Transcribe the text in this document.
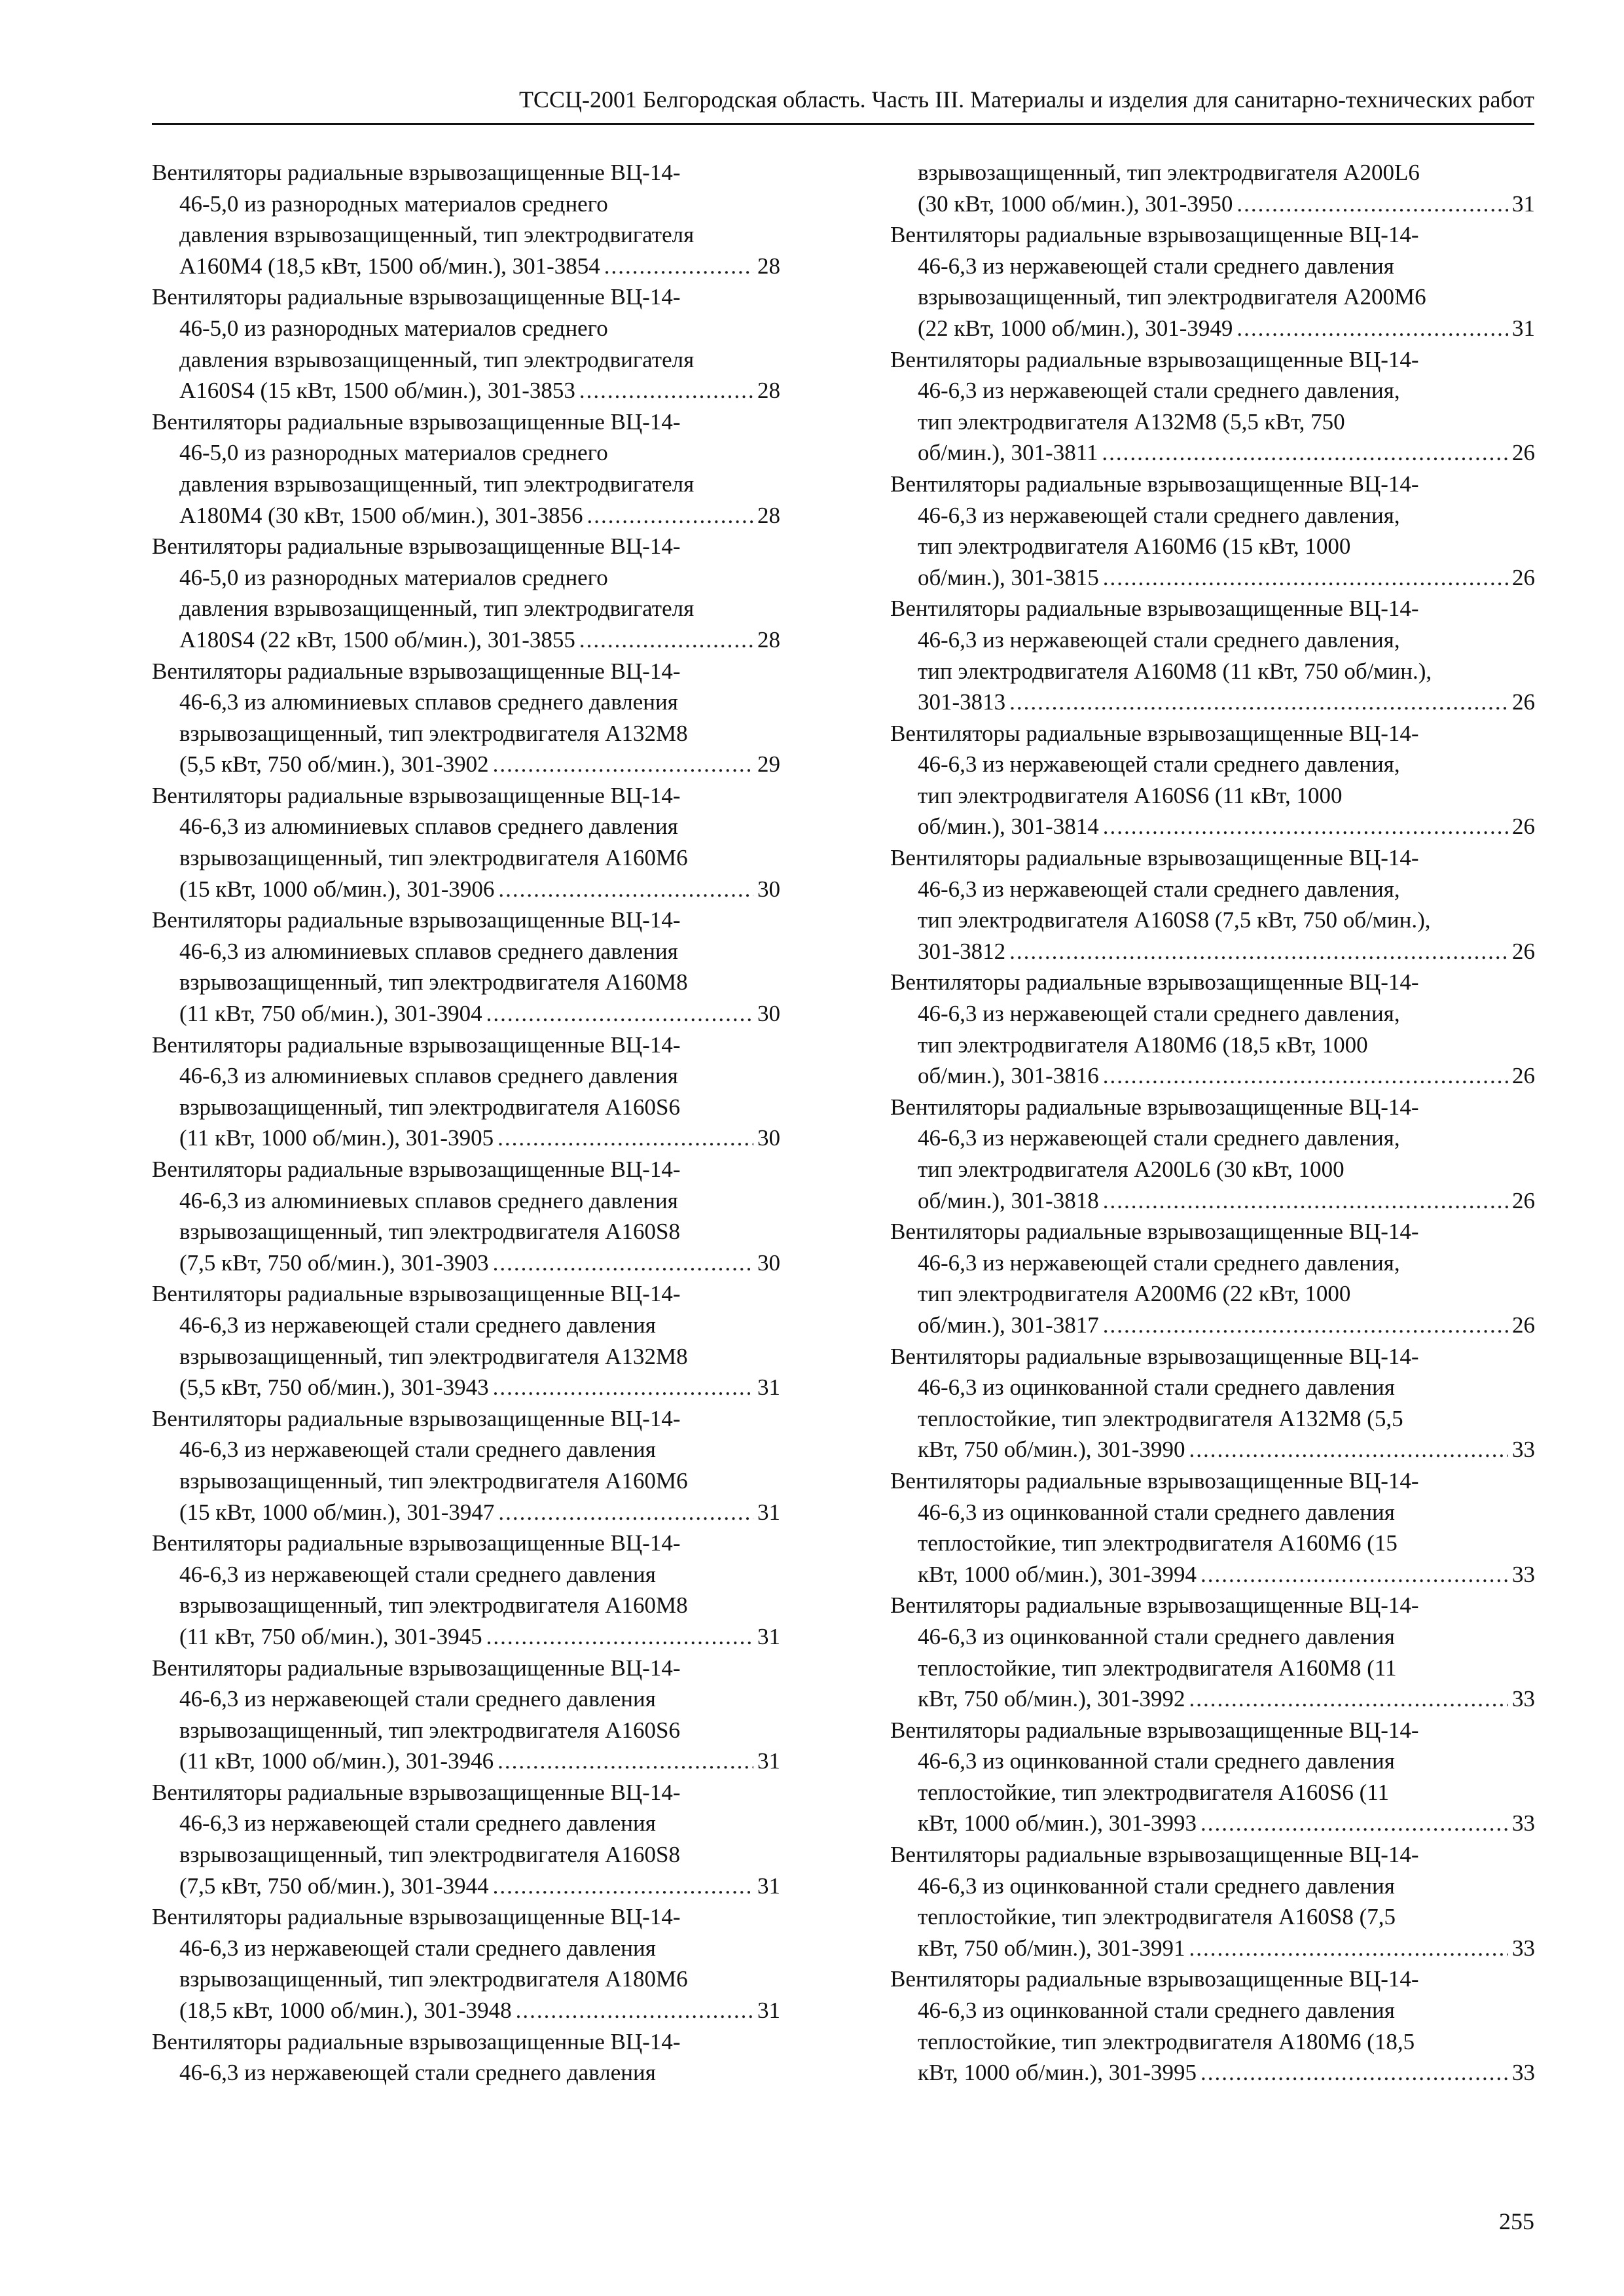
ТССЦ-2001 Белгородская область. Часть III. Материалы и изделия для санитарно-технических работ
Вентиляторы радиальные взрывозащищенные ВЦ-14-
46-5,0 из разнородных материалов среднего
давления взрывозащищенный, тип электродвигателя
А160М4 (18,5 кВт, 1500 об/мин.), 301-3854 .....	28
Вентиляторы радиальные взрывозащищенные ВЦ-14-
46-5,0 из разнородных материалов среднего
давления взрывозащищенный, тип электродвигателя
А160S4 (15 кВт, 1500 об/мин.), 301-3853 .....	28
Вентиляторы радиальные взрывозащищенные ВЦ-14-
46-5,0 из разнородных материалов среднего
давления взрывозащищенный, тип электродвигателя
А180М4 (30 кВт, 1500 об/мин.), 301-3856 .....	28
Вентиляторы радиальные взрывозащищенные ВЦ-14-
46-5,0 из разнородных материалов среднего
давления взрывозащищенный, тип электродвигателя
А180S4 (22 кВт, 1500 об/мин.), 301-3855 .....	28
Вентиляторы радиальные взрывозащищенные ВЦ-14-
46-6,3 из алюминиевых сплавов среднего давления
взрывозащищенный, тип электродвигателя А132М8
(5,5 кВт, 750 об/мин.), 301-3902 .....	29
Вентиляторы радиальные взрывозащищенные ВЦ-14-
46-6,3 из алюминиевых сплавов среднего давления
взрывозащищенный, тип электродвигателя А160М6
(15 кВт, 1000 об/мин.), 301-3906 .....	30
Вентиляторы радиальные взрывозащищенные ВЦ-14-
46-6,3 из алюминиевых сплавов среднего давления
взрывозащищенный, тип электродвигателя А160М8
(11 кВт, 750 об/мин.), 301-3904 .....	30
Вентиляторы радиальные взрывозащищенные ВЦ-14-
46-6,3 из алюминиевых сплавов среднего давления
взрывозащищенный, тип электродвигателя А160S6
(11 кВт, 1000 об/мин.), 301-3905 .....	30
Вентиляторы радиальные взрывозащищенные ВЦ-14-
46-6,3 из алюминиевых сплавов среднего давления
взрывозащищенный, тип электродвигателя А160S8
(7,5 кВт, 750 об/мин.), 301-3903 .....	30
Вентиляторы радиальные взрывозащищенные ВЦ-14-
46-6,3 из нержавеющей стали среднего давления
взрывозащищенный, тип электродвигателя А132М8
(5,5 кВт, 750 об/мин.), 301-3943 .....	31
Вентиляторы радиальные взрывозащищенные ВЦ-14-
46-6,3 из нержавеющей стали среднего давления
взрывозащищенный, тип электродвигателя А160М6
(15 кВт, 1000 об/мин.), 301-3947 .....	31
Вентиляторы радиальные взрывозащищенные ВЦ-14-
46-6,3 из нержавеющей стали среднего давления
взрывозащищенный, тип электродвигателя А160М8
(11 кВт, 750 об/мин.), 301-3945 .....	31
Вентиляторы радиальные взрывозащищенные ВЦ-14-
46-6,3 из нержавеющей стали среднего давления
взрывозащищенный, тип электродвигателя А160S6
(11 кВт, 1000 об/мин.), 301-3946 .....	31
Вентиляторы радиальные взрывозащищенные ВЦ-14-
46-6,3 из нержавеющей стали среднего давления
взрывозащищенный, тип электродвигателя А160S8
(7,5 кВт, 750 об/мин.), 301-3944 .....	31
Вентиляторы радиальные взрывозащищенные ВЦ-14-
46-6,3 из нержавеющей стали среднего давления
взрывозащищенный, тип электродвигателя А180М6
(18,5 кВт, 1000 об/мин.), 301-3948 .....	31
Вентиляторы радиальные взрывозащищенные ВЦ-14-
46-6,3 из нержавеющей стали среднего давления
взрывозащищенный, тип электродвигателя А200L6
(30 кВт, 1000 об/мин.), 301-3950 .....	31
Вентиляторы радиальные взрывозащищенные ВЦ-14-
46-6,3 из нержавеющей стали среднего давления
взрывозащищенный, тип электродвигателя А200М6
(22 кВт, 1000 об/мин.), 301-3949 .....	31
Вентиляторы радиальные взрывозащищенные ВЦ-14-
46-6,3 из нержавеющей стали среднего давления,
тип электродвигателя А132М8 (5,5 кВт, 750
об/мин.), 301-3811 .....	26
Вентиляторы радиальные взрывозащищенные ВЦ-14-
46-6,3 из нержавеющей стали среднего давления,
тип электродвигателя А160М6 (15 кВт, 1000
об/мин.), 301-3815 .....	26
Вентиляторы радиальные взрывозащищенные ВЦ-14-
46-6,3 из нержавеющей стали среднего давления,
тип электродвигателя А160М8 (11 кВт, 750 об/мин.),
301-3813 .....	26
Вентиляторы радиальные взрывозащищенные ВЦ-14-
46-6,3 из нержавеющей стали среднего давления,
тип электродвигателя А160S6 (11 кВт, 1000
об/мин.), 301-3814 .....	26
Вентиляторы радиальные взрывозащищенные ВЦ-14-
46-6,3 из нержавеющей стали среднего давления,
тип электродвигателя А160S8 (7,5 кВт, 750 об/мин.),
301-3812 .....	26
Вентиляторы радиальные взрывозащищенные ВЦ-14-
46-6,3 из нержавеющей стали среднего давления,
тип электродвигателя А180М6 (18,5 кВт, 1000
об/мин.), 301-3816 .....	26
Вентиляторы радиальные взрывозащищенные ВЦ-14-
46-6,3 из нержавеющей стали среднего давления,
тип электродвигателя А200L6 (30 кВт, 1000
об/мин.), 301-3818 .....	26
Вентиляторы радиальные взрывозащищенные ВЦ-14-
46-6,3 из нержавеющей стали среднего давления,
тип электродвигателя А200М6 (22 кВт, 1000
об/мин.), 301-3817 .....	26
Вентиляторы радиальные взрывозащищенные ВЦ-14-
46-6,3 из оцинкованной стали среднего давления
теплостойкие, тип электродвигателя А132М8 (5,5
кВт, 750 об/мин.), 301-3990 .....	33
Вентиляторы радиальные взрывозащищенные ВЦ-14-
46-6,3 из оцинкованной стали среднего давления
теплостойкие, тип электродвигателя А160М6 (15
кВт, 1000 об/мин.), 301-3994 .....	33
Вентиляторы радиальные взрывозащищенные ВЦ-14-
46-6,3 из оцинкованной стали среднего давления
теплостойкие, тип электродвигателя А160М8 (11
кВт, 750 об/мин.), 301-3992 .....	33
Вентиляторы радиальные взрывозащищенные ВЦ-14-
46-6,3 из оцинкованной стали среднего давления
теплостойкие, тип электродвигателя А160S6 (11
кВт, 1000 об/мин.), 301-3993 .....	33
Вентиляторы радиальные взрывозащищенные ВЦ-14-
46-6,3 из оцинкованной стали среднего давления
теплостойкие, тип электродвигателя А160S8 (7,5
кВт, 750 об/мин.), 301-3991 .....	33
Вентиляторы радиальные взрывозащищенные ВЦ-14-
46-6,3 из оцинкованной стали среднего давления
теплостойкие, тип электродвигателя А180М6 (18,5
кВт, 1000 об/мин.), 301-3995 .....	33
255
